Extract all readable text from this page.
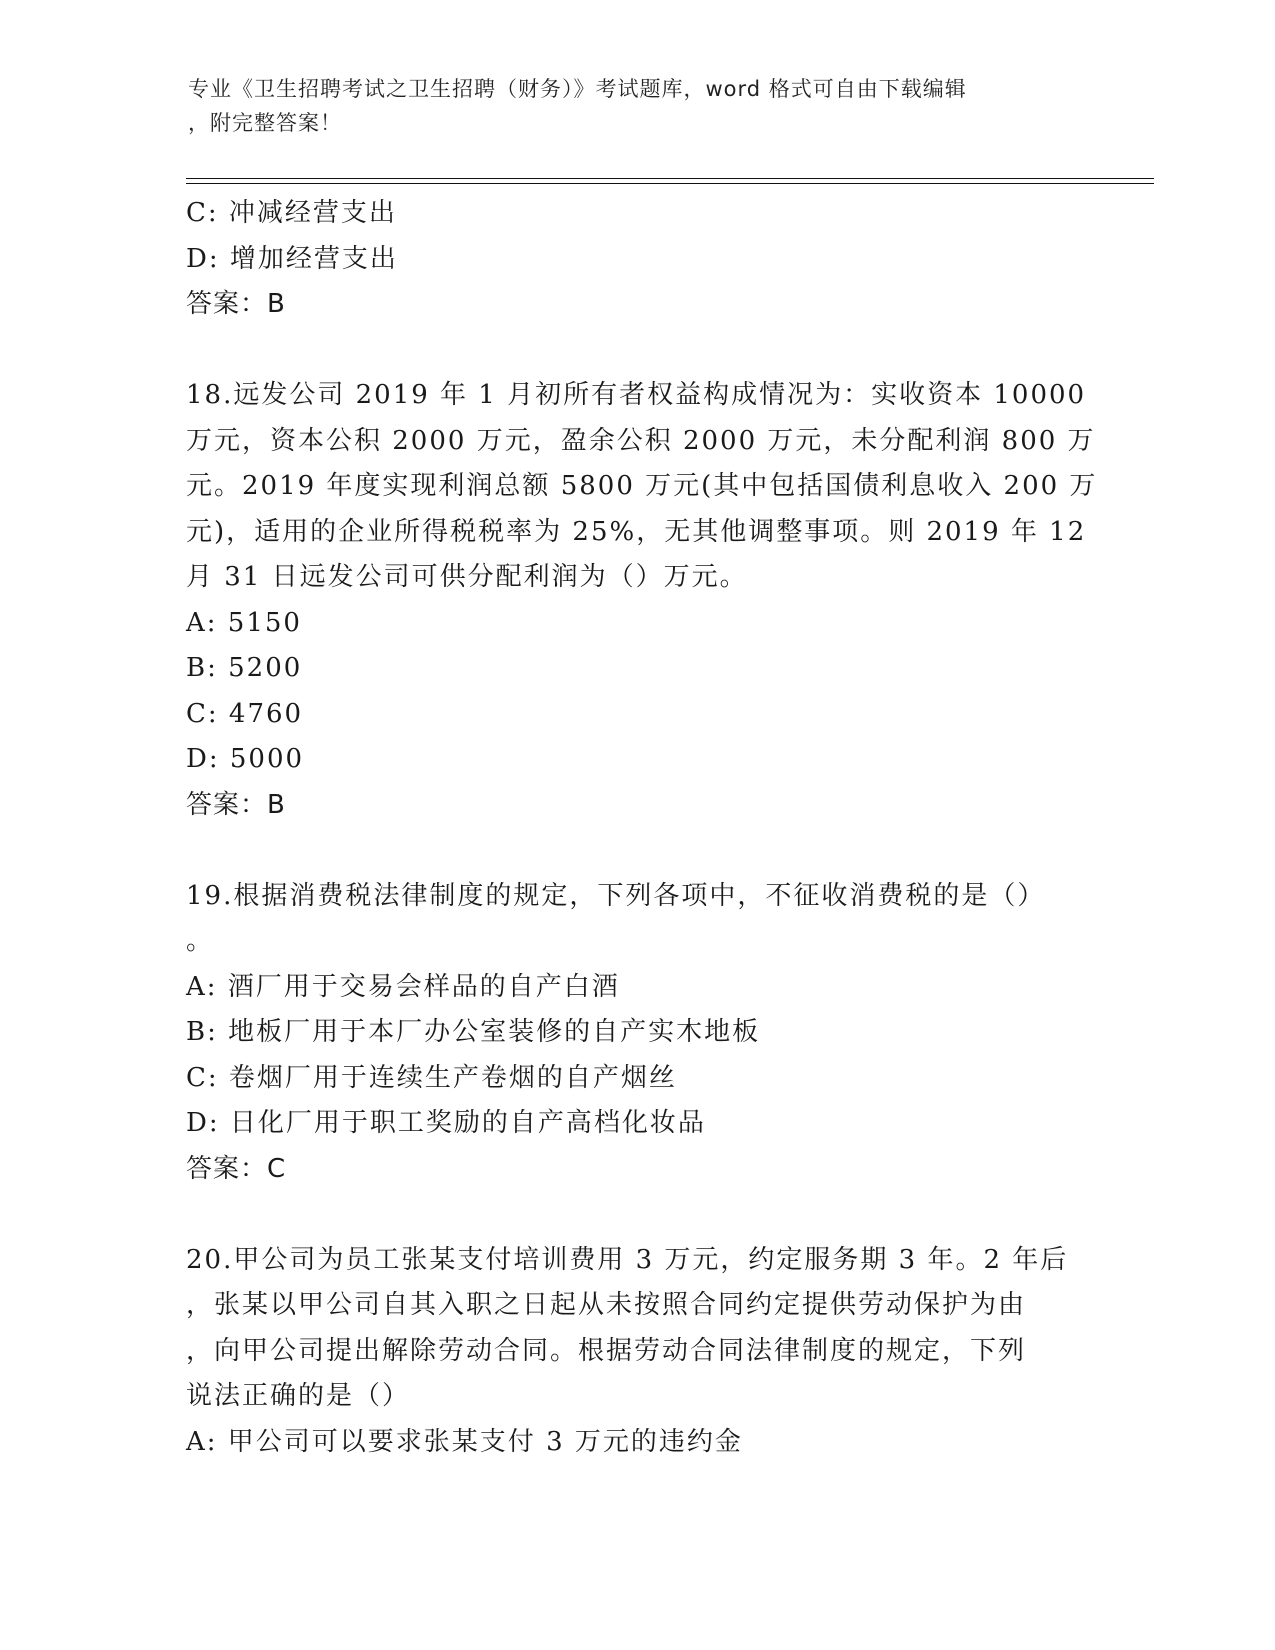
专业《卫生招聘考试之卫生招聘（财务）》考试题库，word 格式可自由下载编辑
，附完整答案！
C: 冲减经营支出
D: 增加经营支出
答案：B
18.远发公司 2019 年 1 月初所有者权益构成情况为：实收资本 10000
万元，资本公积 2000 万元，盈余公积 2000 万元，未分配利润 800 万
元。2019 年度实现利润总额 5800 万元(其中包括国债利息收入 200 万
元)，适用的企业所得税税率为 25%，无其他调整事项。则 2019 年 12
月 31 日远发公司可供分配利润为（）万元。
A: 5150
B: 5200
C: 4760
D: 5000
答案：B
19.根据消费税法律制度的规定，下列各项中，不征收消费税的是（）
。
A: 酒厂用于交易会样品的自产白酒
B: 地板厂用于本厂办公室装修的自产实木地板
C: 卷烟厂用于连续生产卷烟的自产烟丝
D: 日化厂用于职工奖励的自产高档化妆品
答案：C
20.甲公司为员工张某支付培训费用 3 万元，约定服务期 3 年。2 年后
，张某以甲公司自其入职之日起从未按照合同约定提供劳动保护为由
，向甲公司提出解除劳动合同。根据劳动合同法律制度的规定，下列
说法正确的是（）
A: 甲公司可以要求张某支付 3 万元的违约金
